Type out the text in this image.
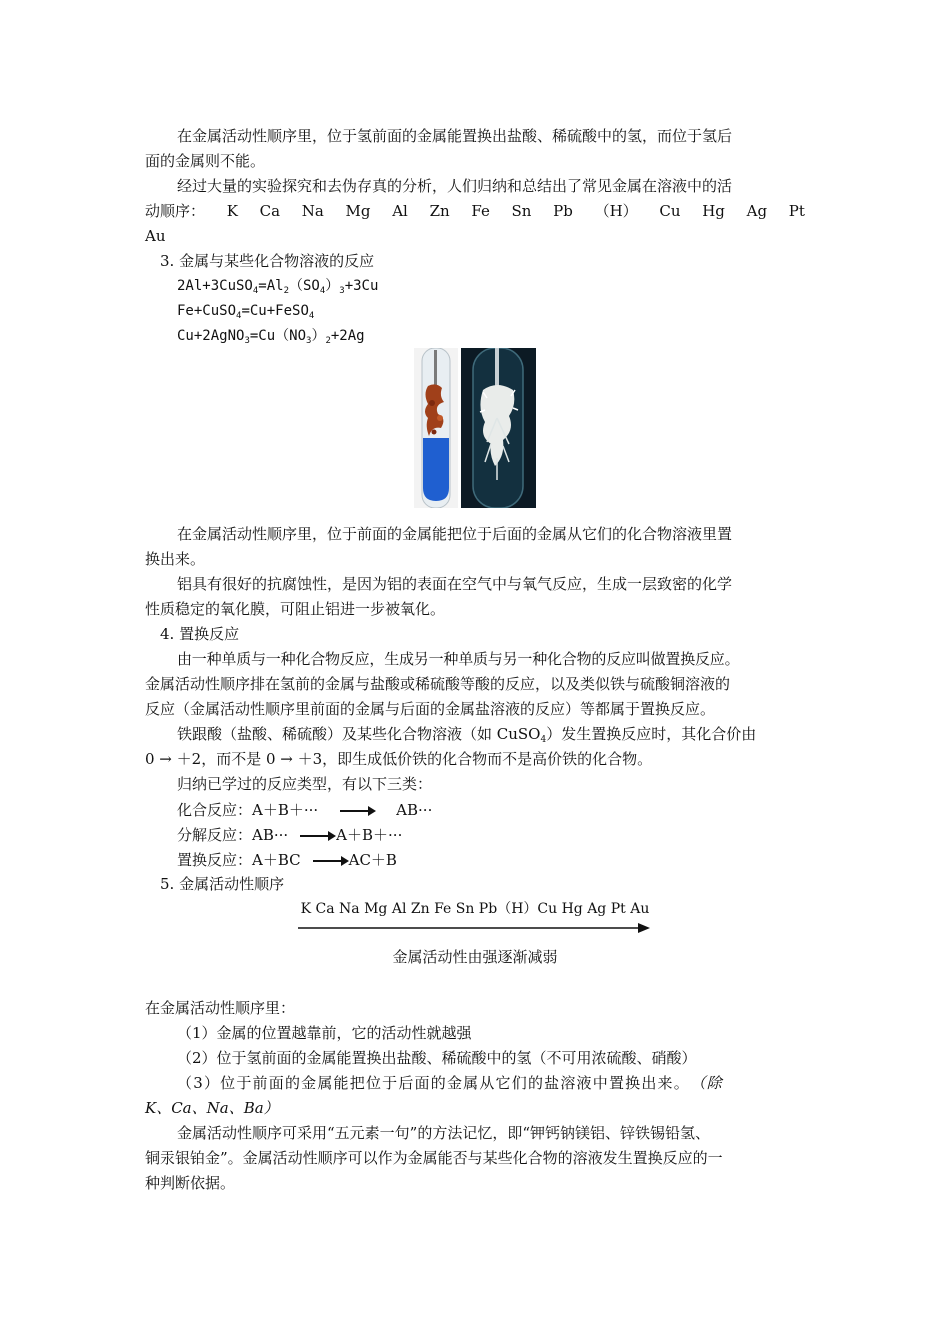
在金属活动性顺序里，位于氢前面的金属能置换出盐酸、稀硫酸中的氢，而位于氢后
面的金属则不能。
经过大量的实验探究和去伪存真的分析，人们归纳和总结出了常见金属在溶液中的活
动顺序： K Ca Na Mg Al Zn Fe Sn Pb （H） Cu Hg Ag Pt
Au
3. 金属与某些化合物溶液的反应
$2Al+3CuSO_4=Al_2(SO_4)_3+3Cu$
Fe+CuSO$_4$=Cu+FeSO$_4$
$Cu+2AgNO_3=Cu(NO_3)_2+2Ag$
在金属活动性顺序里，位于前面的金属能把位于后面的金属从它们的化合物溶液里置
换出来。
铝具有很好的抗腐蚀性，是因为铝的表面在空气中与氧气反应，生成一层致密的化学
性质稳定的氧化膜，可阻止铝进一步被氧化。
4. 置换反应
由一种单质与一种化合物反应，生成另一种单质与另一种化合物的反应叫做置换反应。
金属活动性顺序排在氢前的金属与盐酸或稀硫酸等酸的反应，以及类似铁与硫酸铜溶液的
反应（金属活动性顺序里前面的金属与后面的金属盐溶液的反应）等都属于置换反应。
铁跟酸（盐酸、稀硫酸）及某些化合物溶液（如 CuSO$_4$）发生置换反应时，其化合价由
0 → ＋2，而不是 0 → ＋3，即生成低价铁的化合物而不是高价铁的化合物。
归纳已学过的反应类型，有以下三类：
化合反应：A＋B＋··· → AB···
分解反应：AB··· → A＋B＋···
置换反应：A＋BC → AC＋B
5. 金属活动性顺序
K Ca Na Mg Al Zn Fe Sn Pb（H）Cu Hg Ag Pt Au
金属活动性由强逐渐减弱
在金属活动性顺序里：
（1）金属的位置越靠前，它的活动性就越强
（2）位于氢前面的金属能置换出盐酸、稀硫酸中的氢（不可用浓硫酸、硝酸）
（3）位于前面的金属能把位于后面的金属从它们的盐溶液中置换出来。 （除
K、Ca、Na、Ba）
金属活动性顺序可采用“五元素一句”的方法记忆，即“钾钙钠镁铝、锌铁锡铅氢、
铜汞银铂金”。金属活动性顺序可以作为金属能否与某些化合物的溶液发生置换反应的一
种判断依据。
